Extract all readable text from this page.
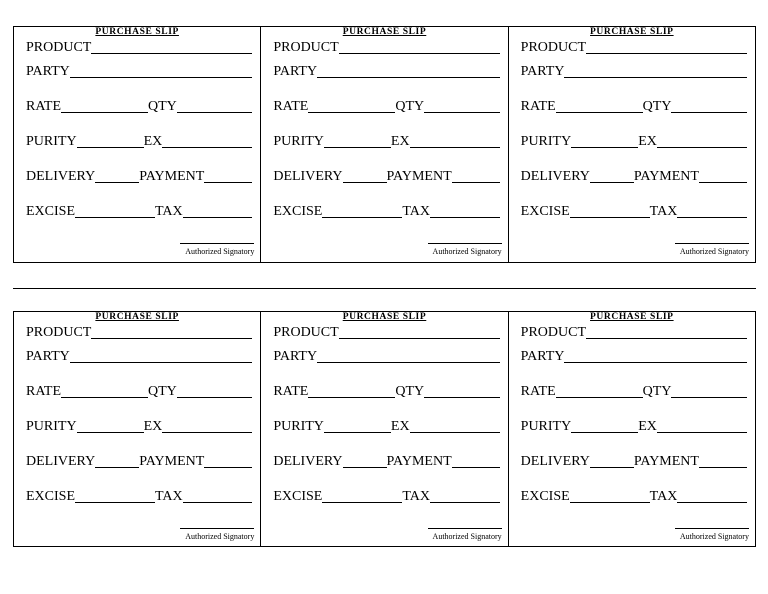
PURCHASE SLIP
PRODUCT
PARTY
RATE	QTY
PURITY	EX
DELIVERY	PAYMENT
EXCISE	TAX
Authorized Signatory
PURCHASE SLIP
PRODUCT
PARTY
RATE	QTY
PURITY	EX
DELIVERY	PAYMENT
EXCISE	TAX
Authorized Signatory
PURCHASE SLIP
PRODUCT
PARTY
RATE	QTY
PURITY	EX
DELIVERY	PAYMENT
EXCISE	TAX
Authorized Signatory
PURCHASE SLIP
PRODUCT
PARTY
RATE	QTY
PURITY	EX
DELIVERY	PAYMENT
EXCISE	TAX
Authorized Signatory
PURCHASE SLIP
PRODUCT
PARTY
RATE	QTY
PURITY	EX
DELIVERY	PAYMENT
EXCISE	TAX
Authorized Signatory
PURCHASE SLIP
PRODUCT
PARTY
RATE	QTY
PURITY	EX
DELIVERY	PAYMENT
EXCISE	TAX
Authorized Signatory
